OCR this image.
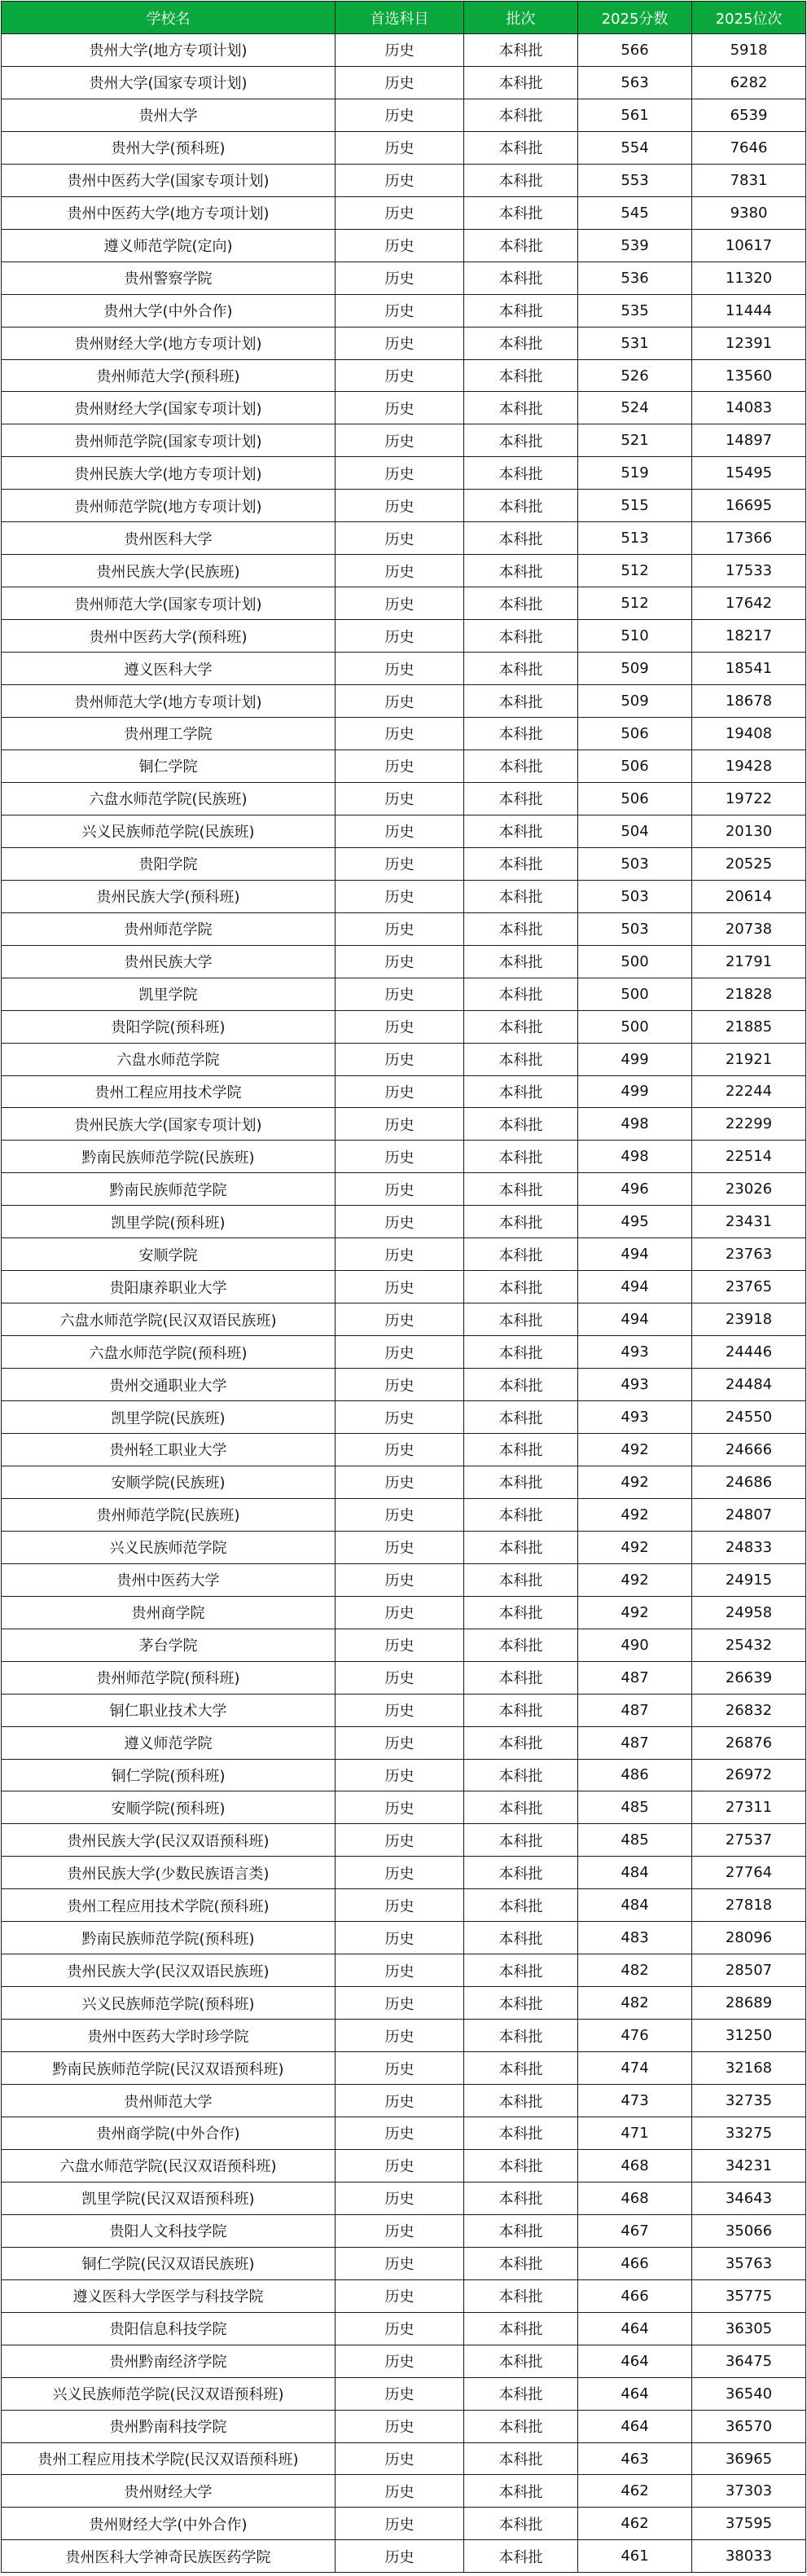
学校名	首选科目	批次	2025分数	2025位次
贵州大学(地方专项计划)	历史	本科批	566	5918
贵州大学(国家专项计划)	历史	本科批	563	6282
贵州大学	历史	本科批	561	6539
贵州大学(预科班)	历史	本科批	554	7646
贵州中医药大学(国家专项计划)	历史	本科批	553	7831
贵州中医药大学(地方专项计划)	历史	本科批	545	9380
遵义师范学院(定向)	历史	本科批	539	10617
贵州警察学院	历史	本科批	536	11320
贵州大学(中外合作)	历史	本科批	535	11444
贵州财经大学(地方专项计划)	历史	本科批	531	12391
贵州师范大学(预科班)	历史	本科批	526	13560
贵州财经大学(国家专项计划)	历史	本科批	524	14083
贵州师范学院(国家专项计划)	历史	本科批	521	14897
贵州民族大学(地方专项计划)	历史	本科批	519	15495
贵州师范学院(地方专项计划)	历史	本科批	515	16695
贵州医科大学	历史	本科批	513	17366
贵州民族大学(民族班)	历史	本科批	512	17533
贵州师范大学(国家专项计划)	历史	本科批	512	17642
贵州中医药大学(预科班)	历史	本科批	510	18217
遵义医科大学	历史	本科批	509	18541
贵州师范大学(地方专项计划)	历史	本科批	509	18678
贵州理工学院	历史	本科批	506	19408
铜仁学院	历史	本科批	506	19428
六盘水师范学院(民族班)	历史	本科批	506	19722
兴义民族师范学院(民族班)	历史	本科批	504	20130
贵阳学院	历史	本科批	503	20525
贵州民族大学(预科班)	历史	本科批	503	20614
贵州师范学院	历史	本科批	503	20738
贵州民族大学	历史	本科批	500	21791
凯里学院	历史	本科批	500	21828
贵阳学院(预科班)	历史	本科批	500	21885
六盘水师范学院	历史	本科批	499	21921
贵州工程应用技术学院	历史	本科批	499	22244
贵州民族大学(国家专项计划)	历史	本科批	498	22299
黔南民族师范学院(民族班)	历史	本科批	498	22514
黔南民族师范学院	历史	本科批	496	23026
凯里学院(预科班)	历史	本科批	495	23431
安顺学院	历史	本科批	494	23763
贵阳康养职业大学	历史	本科批	494	23765
六盘水师范学院(民汉双语民族班)	历史	本科批	494	23918
六盘水师范学院(预科班)	历史	本科批	493	24446
贵州交通职业大学	历史	本科批	493	24484
凯里学院(民族班)	历史	本科批	493	24550
贵州轻工职业大学	历史	本科批	492	24666
安顺学院(民族班)	历史	本科批	492	24686
贵州师范学院(民族班)	历史	本科批	492	24807
兴义民族师范学院	历史	本科批	492	24833
贵州中医药大学	历史	本科批	492	24915
贵州商学院	历史	本科批	492	24958
茅台学院	历史	本科批	490	25432
贵州师范学院(预科班)	历史	本科批	487	26639
铜仁职业技术大学	历史	本科批	487	26832
遵义师范学院	历史	本科批	487	26876
铜仁学院(预科班)	历史	本科批	486	26972
安顺学院(预科班)	历史	本科批	485	27311
贵州民族大学(民汉双语预科班)	历史	本科批	485	27537
贵州民族大学(少数民族语言类)	历史	本科批	484	27764
贵州工程应用技术学院(预科班)	历史	本科批	484	27818
黔南民族师范学院(预科班)	历史	本科批	483	28096
贵州民族大学(民汉双语民族班)	历史	本科批	482	28507
兴义民族师范学院(预科班)	历史	本科批	482	28689
贵州中医药大学时珍学院	历史	本科批	476	31250
黔南民族师范学院(民汉双语预科班)	历史	本科批	474	32168
贵州师范大学	历史	本科批	473	32735
贵州商学院(中外合作)	历史	本科批	471	33275
六盘水师范学院(民汉双语预科班)	历史	本科批	468	34231
凯里学院(民汉双语预科班)	历史	本科批	468	34643
贵阳人文科技学院	历史	本科批	467	35066
铜仁学院(民汉双语民族班)	历史	本科批	466	35763
遵义医科大学医学与科技学院	历史	本科批	466	35775
贵阳信息科技学院	历史	本科批	464	36305
贵州黔南经济学院	历史	本科批	464	36475
兴义民族师范学院(民汉双语预科班)	历史	本科批	464	36540
贵州黔南科技学院	历史	本科批	464	36570
贵州工程应用技术学院(民汉双语预科班)	历史	本科批	463	36965
贵州财经大学	历史	本科批	462	37303
贵州财经大学(中外合作)	历史	本科批	462	37595
贵州医科大学神奇民族医药学院	历史	本科批	461	38033
